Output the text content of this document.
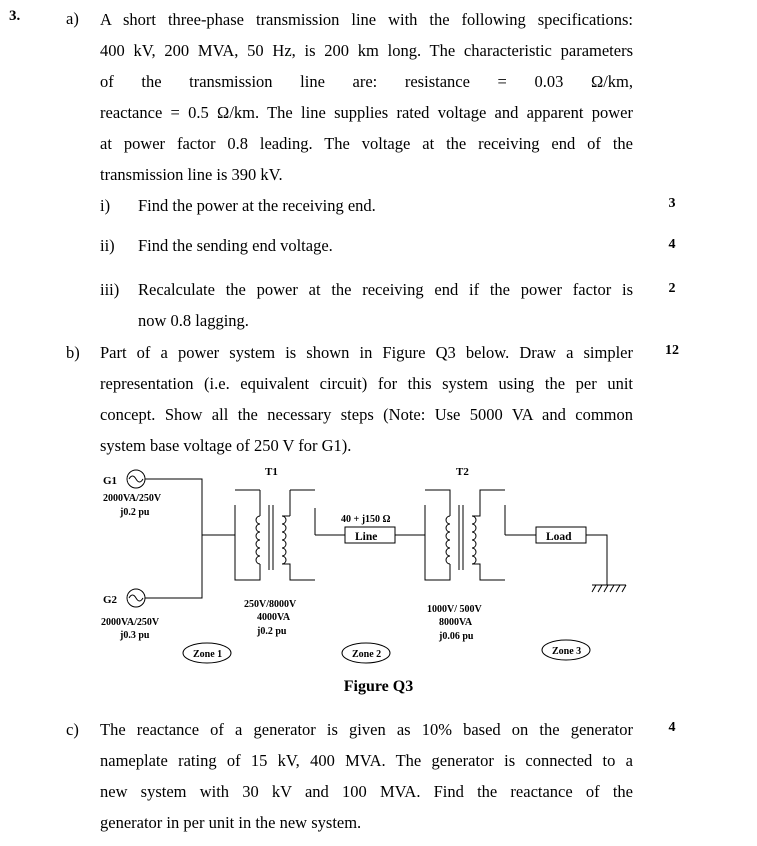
3.	a) A short three-phase transmission line with the following specifications:
400 kV, 200 MVA, 50 Hz, is 200 km long. The characteristic parameters
of the transmission line are: resistance = 0.03 Ω/km,
reactance = 0.5 Ω/km. The line supplies rated voltage and apparent power
at power factor 0.8 leading. The voltage at the receiving end of the
transmission line is 390 kV.
i) Find the power at the receiving end.	3
ii) Find the sending end voltage.	4
iii) Recalculate the power at the receiving end if the power factor is
now 0.8 lagging.
2
b) Part of a power system is shown in Figure Q3 below. Draw a simpler
representation (i.e. equivalent circuit) for this system using the per unit
concept. Show all the necessary steps (Note: Use 5000 VA and common
system base voltage of 250 V for G1).
12
G1
2000VA/250V
j0.2 pu
G2
2000VA/250V
j0.3 pu
T1
250V/8000V
4000VA
j0.2 pu
40 + j150 Ω
Line
T2
1000V/ 500V
8000VA
j0.06 pu
Load
Zone 1	Zone 2	Zone 3
Figure Q3
c) The reactance of a generator is given as 10% based on the generator
nameplate rating of 15 kV, 400 MVA. The generator is connected to a
new system with 30 kV and 100 MVA. Find the reactance of the
generator in per unit in the new system.
4
